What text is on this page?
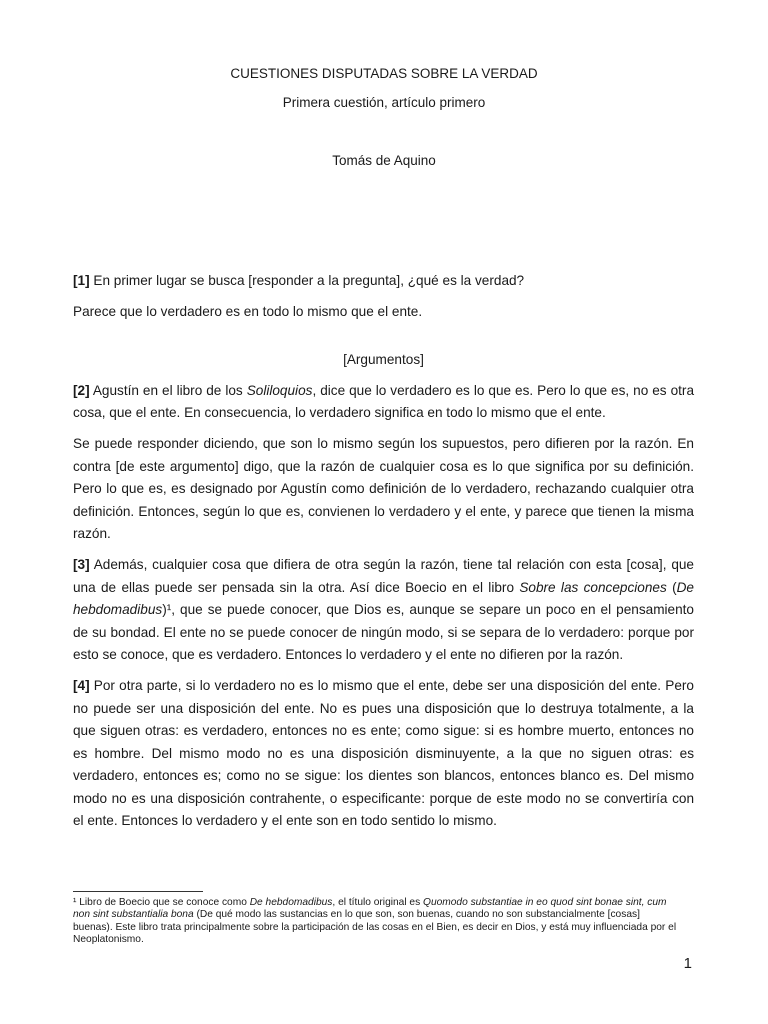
CUESTIONES DISPUTADAS SOBRE LA VERDAD
Primera cuestión, artículo primero
Tomás de Aquino

[1] En primer lugar se busca [responder a la pregunta], ¿qué es la verdad?

Parece que lo verdadero es en todo lo mismo que el ente.

[Argumentos]

[2] Agustín en el libro de los Soliloquios, dice que lo verdadero es lo que es. Pero lo que es, no es otra cosa, que el ente. En consecuencia, lo verdadero significa en todo lo mismo que el ente.

Se puede responder diciendo, que son lo mismo según los supuestos, pero difieren por la razón. En contra [de este argumento] digo, que la razón de cualquier cosa es lo que significa por su definición. Pero lo que es, es designado por Agustín como definición de lo verdadero, rechazando cualquier otra definición. Entonces, según lo que es, convienen lo verdadero y el ente, y parece que tienen la misma razón.

[3] Además, cualquier cosa que difiera de otra según la razón, tiene tal relación con esta [cosa], que una de ellas puede ser pensada sin la otra. Así dice Boecio en el libro Sobre las concepciones (De hebdomadibus)¹, que se puede conocer, que Dios es, aunque se separe un poco en el pensamiento de su bondad. El ente no se puede conocer de ningún modo, si se separa de lo verdadero: porque por esto se conoce, que es verdadero. Entonces lo verdadero y el ente no difieren por la razón.

[4] Por otra parte, si lo verdadero no es lo mismo que el ente, debe ser una disposición del ente. Pero no puede ser una disposición del ente. No es pues una disposición que lo destruya totalmente, a la que siguen otras: es verdadero, entonces no es ente; como sigue: si es hombre muerto, entonces no es hombre. Del mismo modo no es una disposición disminuyente, a la que no siguen otras: es verdadero, entonces es; como no se sigue: los dientes son blancos, entonces blanco es. Del mismo modo no es una disposición contrahente, o especificante: porque de este modo no se convertiría con el ente. Entonces lo verdadero y el ente son en todo sentido lo mismo.

¹ Libro de Boecio que se conoce como De hebdomadibus, el título original es Quomodo substantiae in eo quod sint bonae sint, cum non sint substantialia bona (De qué modo las sustancias en lo que son, son buenas, cuando no son substancialmente [cosas] buenas). Este libro trata principalmente sobre la participación de las cosas en el Bien, es decir en Dios, y está muy influenciada por el Neoplatonismo.
1
